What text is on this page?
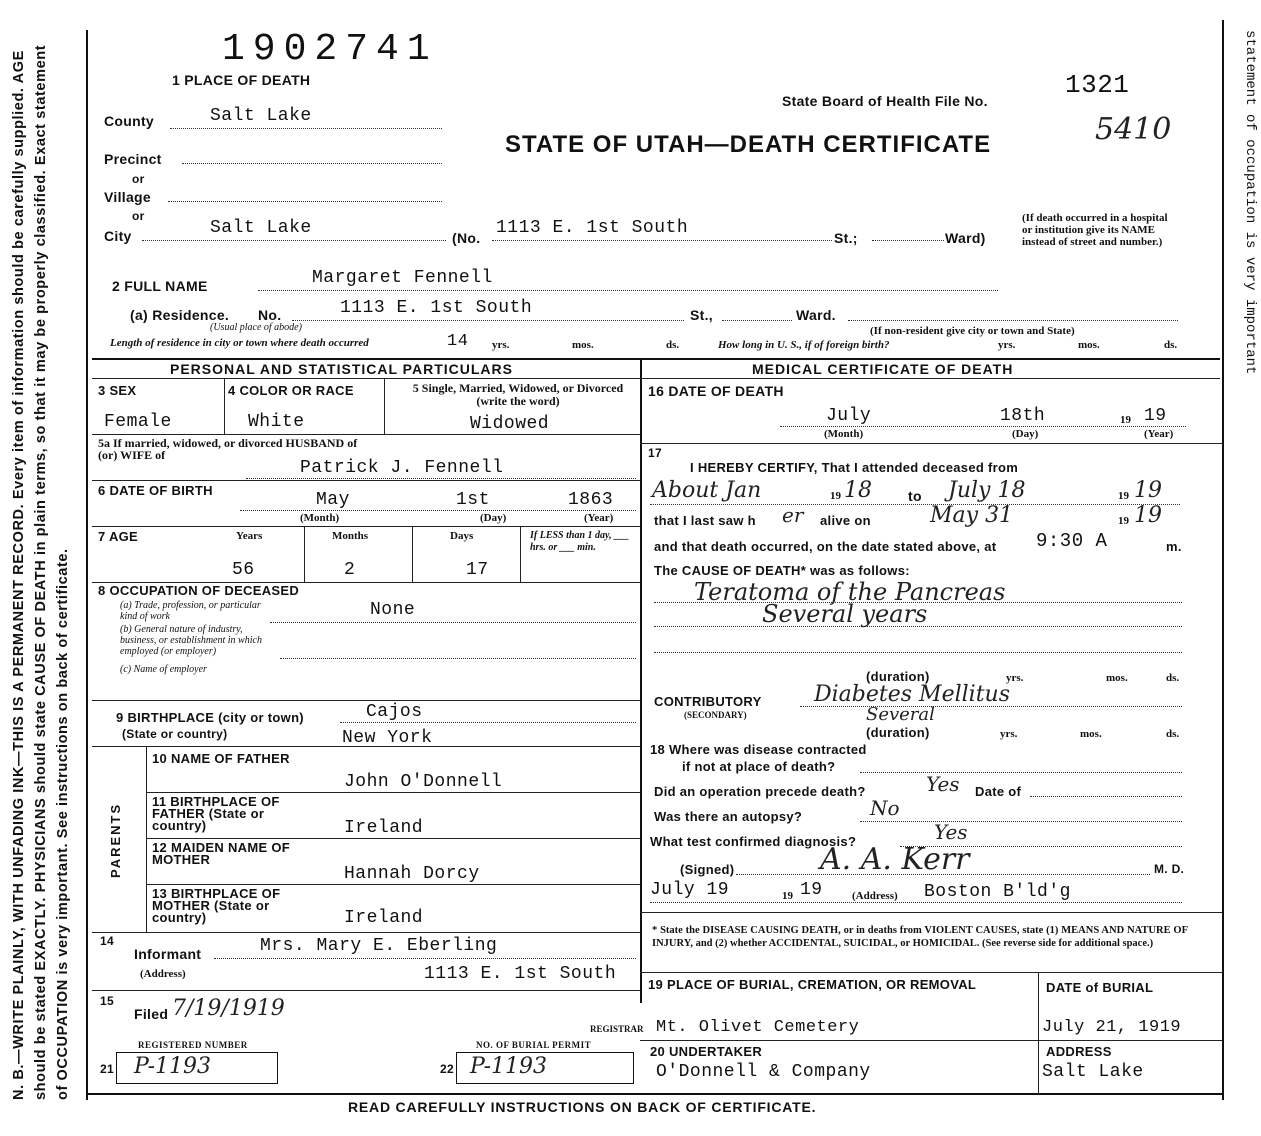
N. B.—WRITE PLAINLY, WITH UNFADING INK—THIS IS A PERMANENT RECORD. Every item of information should be carefully supplied. AGE should be stated EXACTLY. PHYSICIANS should state CAUSE OF DEATH in plain terms, so that it may be properly classified. Exact statement of OCCUPATION is very important. See instructions on back of certificate.
statement of occupation is very important
1902741
1 PLACE OF DEATH
State Board of Health File No.
1321
5410
STATE OF UTAH—DEATH CERTIFICATE
County	Salt Lake
Precinct
or
Village
or
City	Salt Lake	(No. 1113 E. 1st South	St.;	Ward)
(If death occurred in a hospital or institution give its NAME instead of street and number.)
2 FULL NAME	Margaret Fennell
(a) Residence. No.	1113 E. 1st South	St.,	Ward.
(Usual place of abode)	(If non-resident give city or town and State)
Length of residence in city or town where death occurred	14 yrs.	mos.	ds.	How long in U. S., if of foreign birth?	yrs.	mos.	ds.
PERSONAL AND STATISTICAL PARTICULARS	MEDICAL CERTIFICATE OF DEATH
3 SEX
Female
4 COLOR OR RACE
White
5 Single, Married, Widowed, or Divorced (write the word)
Widowed
5a If married, widowed, or divorced HUSBAND of (or) WIFE of
Patrick J. Fennell
6 DATE OF BIRTH	May	1st	1863
(Month)	(Day)	(Year)
7 AGE	Years	Months	Days	If LESS than 1 day, ___ hrs. or ___ min.
56	2	17
8 OCCUPATION OF DECEASED
(a) Trade, profession, or particular kind of work	None
(b) General nature of industry, business, or establishment in which employed (or employer)
(c) Name of employer
9 BIRTHPLACE (city or town)	Cajos
(State or country)	New York
PARENTS
10 NAME OF FATHER
John O'Donnell
11 BIRTHPLACE OF FATHER (State or country)	Ireland
12 MAIDEN NAME OF MOTHER
Hannah Dorcy
13 BIRTHPLACE OF MOTHER (State or country)	Ireland
14
Informant	Mrs. Mary E. Eberling
(Address)	1113 E. 1st South
15
Filed 7/19/1919

REGISTRAR
REGISTERED NUMBER
21 P-1193
NO. OF BURIAL PERMIT
22 P-1193
16 DATE OF DEATH
July	18th	19
19
(Month)	(Day)	(Year)
17
I HEREBY CERTIFY, That I attended deceased from
About Jan	19 18	to July 18	19 19
that I last saw h er alive on	May 31	19 19
and that death occurred, on the date stated above, at 9:30 A	m.
The CAUSE OF DEATH* was as follows:
Teratoma of the Pancreas
Several years
(duration)	yrs.	mos.	ds.
CONTRIBUTORY
(SECONDARY)
Diabetes Mellitus
Several
(duration)	yrs.	mos.	ds.
18 Where was disease contracted
if not at place of death?
Did an operation precede death?	Yes Date of
Was there an autopsy?	No
What test confirmed diagnosis?	Yes
(Signed)	A. A. Kerr	M. D.
July 19	19 19	(Address) Boston B'ld'g
* State the DISEASE CAUSING DEATH, or in deaths from VIOLENT CAUSES, state (1) MEANS AND NATURE OF INJURY, and (2) whether ACCIDENTAL, SUICIDAL, or HOMICIDAL. (See reverse side for additional space.)
19 PLACE OF BURIAL, CREMATION, OR REMOVAL
Mt. Olivet Cemetery
DATE of BURIAL
July 21, 1919
20 UNDERTAKER
O'Donnell & Company
ADDRESS
Salt Lake
READ CAREFULLY INSTRUCTIONS ON BACK OF CERTIFICATE.
